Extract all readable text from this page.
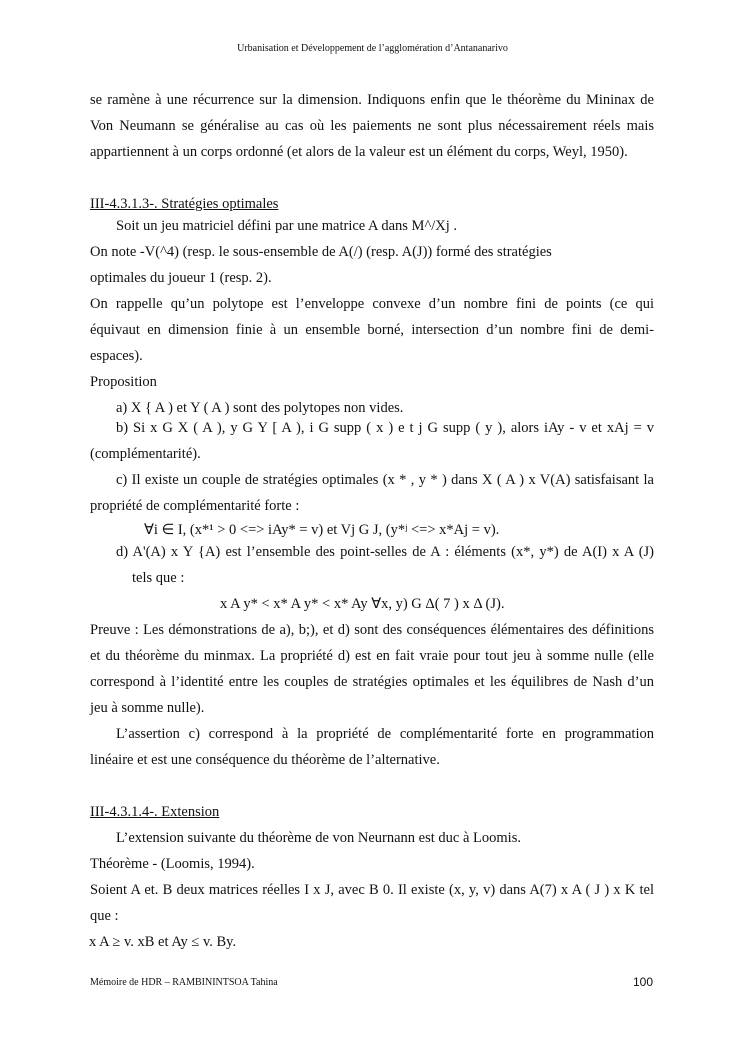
Urbanisation et Développement de l’agglomération d’Antananarivo
se ramène à une récurrence sur la dimension. Indiquons enfin que le théorème du Mininax de
Von Neumann se généralise au cas où les paiements ne sont plus nécessairement réels mais
appartiennent à un corps ordonné (et alors de la valeur est un élément du corps, Weyl, 1950).
III-4.3.1.3-. Stratégies optimales
Soit un jeu matriciel défini par une matrice A dans M^/Xj .
On note -V(^4) (resp. le sous-ensemble de A(/) (resp. A(J)) formé des stratégies
optimales du joueur 1 (resp. 2).
On rappelle qu’un polytope est l’enveloppe convexe d’un nombre fini de points (ce qui
équivaut en dimension finie à un ensemble borné, intersection d’un nombre fini de demi-
espaces).
Proposition
a) X { A ) et Y ( A ) sont des polytopes non vides.
b) Si x G X ( A ), y G Y [ A ), i G supp ( x ) e t j G supp ( y ), alors iAy - v et xAj = v
(complémentarité).
c) Il existe un couple de stratégies optimales (x * , y * ) dans X ( A ) x V(A) satisfaisant la
propriété de complémentarité forte :
∀i ∈ I, (x*¹ > 0 <=> iAy* = v) et Vj G J, (y*ʲ <=> x*Aj = v).
d) A'(A) x Y {A) est l’ensemble des point-selles de A : éléments (x*, y*) de A(I) x A (J)
tels que :
x A y* < x* A y* < x* Ay ∀x, y) G Δ( 7 ) x Δ (J).
Preuve : Les démonstrations de a), b;), et d) sont des conséquences élémentaires des définitions
et du théorème du minmax. La propriété d) est en fait vraie pour tout jeu à somme nulle (elle
correspond à l’identité entre les couples de stratégies optimales et les équilibres de Nash d’un
jeu à somme nulle).
L’assertion c) correspond à la propriété de complémentarité forte en programmation
linéaire et est une conséquence du théorème de l’alternative.
III-4.3.1.4-. Extension
L’extension suivante du théorème de von Neurnann est duc à Loomis.
Théorème - (Loomis, 1994).
Soient A et. B deux matrices réelles I x J, avec B 0. Il existe (x, y, v) dans A(7) x A ( J ) x K tel
que :
x A ≥ v. xB et Ay ≤ v. By.
Mémoire de HDR – RAMBININTSOA Tahina	100
